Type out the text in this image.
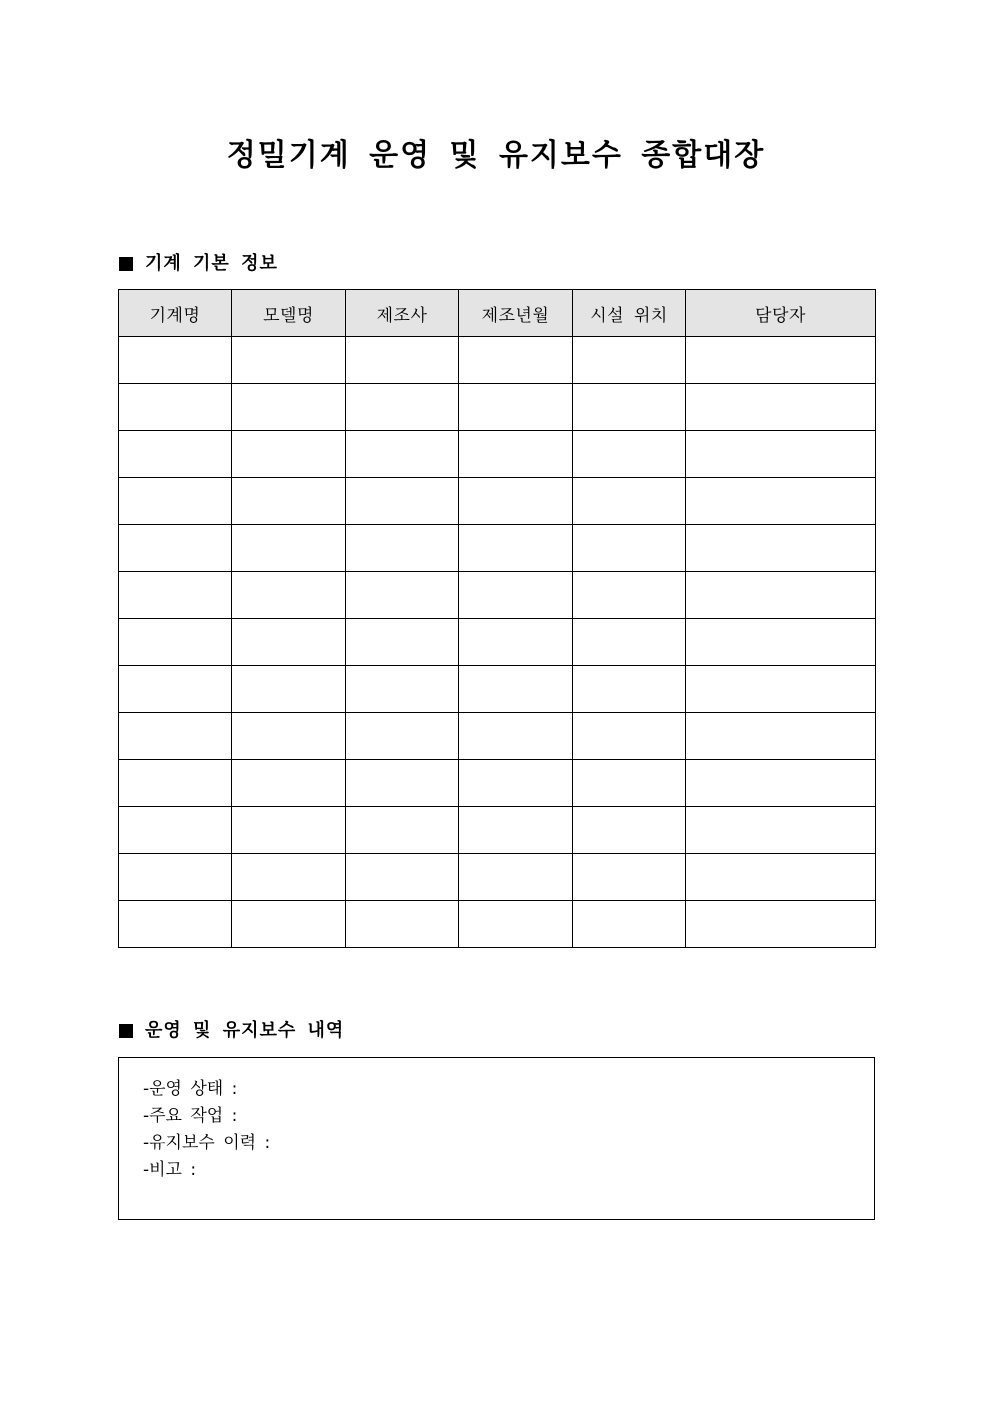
정밀기계 운영 및 유지보수 종합대장
기계 기본 정보
기계명	모델명	제조사	제조년월	시설 위치	담당자

운영 및 유지보수 내역
-운영 상태 :
-주요 작업 :
-유지보수 이력 :
-비고 :
